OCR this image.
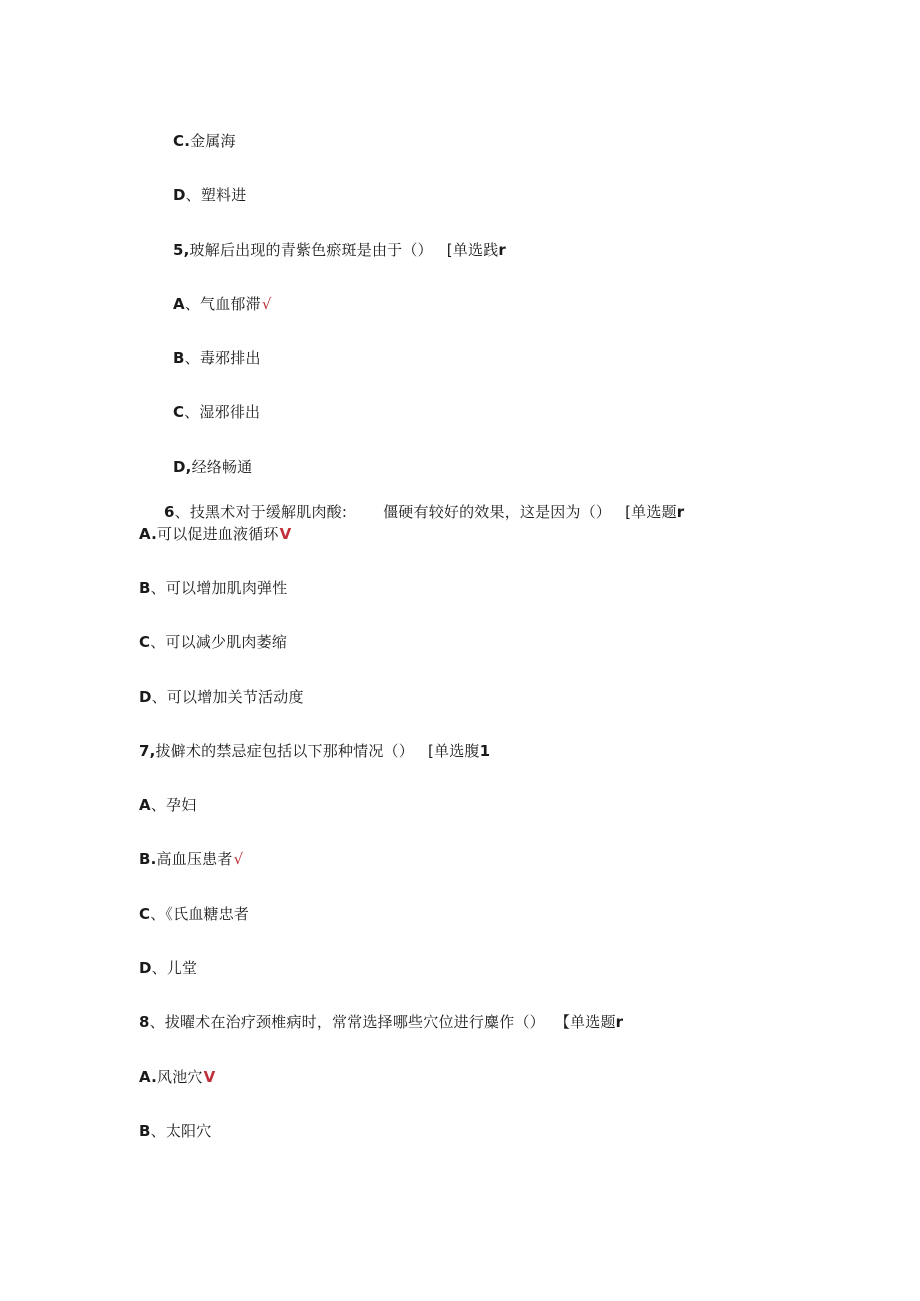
C.金属海
D、塑料进
5,玻解后出现的青紫色瘀斑是由于（） [单选践r
A、气血郁滞√
B、毒邪排出
C、湿邪徘出
D,经络畅通
6、技黑术对于缓解肌肉酸: 僵硬有较好的效果，这是因为（） [单选题r
A.可以促进血液循环V
B、可以增加肌肉弹性
C、可以减少肌肉萎缩
D、可以增加关节活动度
7,拔僻术的禁忌症包括以下那种情况（） [单选腹1
A、孕妇
B.高血压患者√
C、《氏血糖忠者
D、儿堂
8、拔曜术在治疗颈椎病时，常常选择哪些穴位进行麋作（） 【单选题r
A.风池穴V
B、太阳穴
